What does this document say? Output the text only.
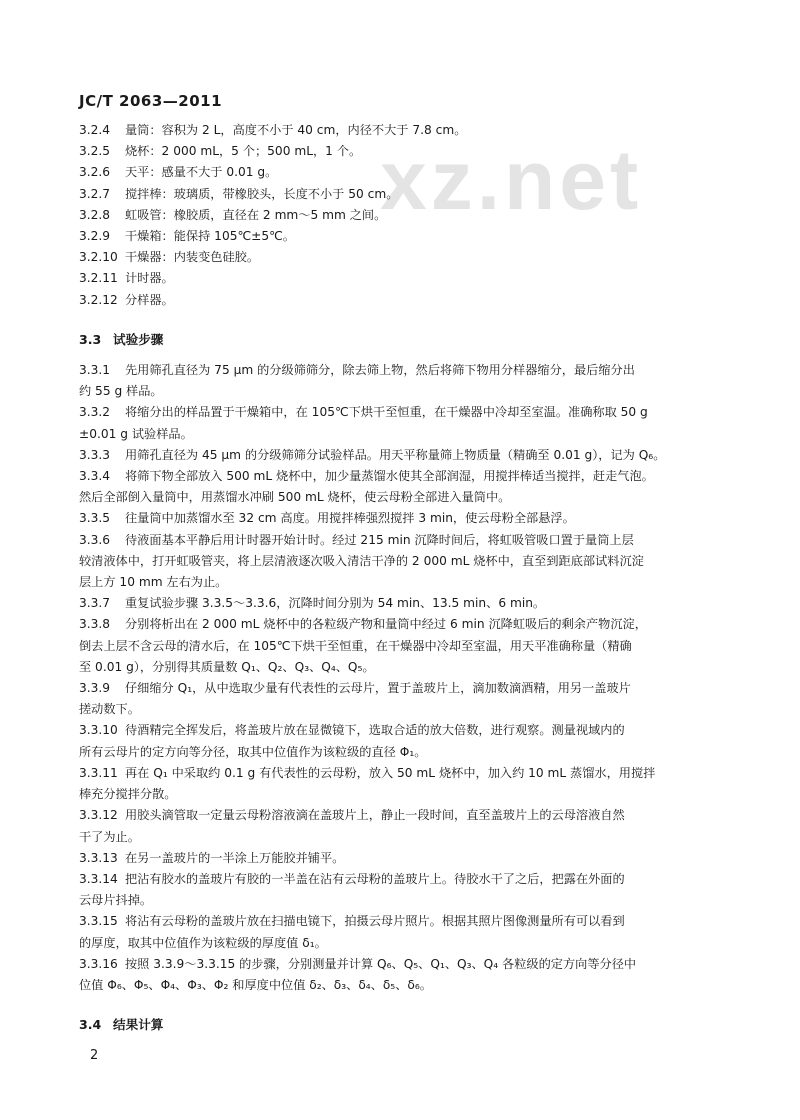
JC/T 2063—2011
xz.net
3.2.4 量筒：容积为 2 L，高度不小于 40 cm，内径不大于 7.8 cm。
3.2.5 烧杯：2 000 mL，5 个；500 mL，1 个。
3.2.6 天平：感量不大于 0.01 g。
3.2.7 搅拌棒：玻璃质，带橡胶头，长度不小于 50 cm。
3.2.8 虹吸管：橡胶质，直径在 2 mm～5 mm 之间。
3.2.9 干燥箱：能保持 105℃±5℃。
3.2.10 干燥器：内装变色硅胶。
3.2.11 计时器。
3.2.12 分样器。
3.3 试验步骤
3.3.1 先用筛孔直径为 75 μm 的分级筛筛分，除去筛上物，然后将筛下物用分样器缩分，最后缩分出
约 55 g 样品。
3.3.2 将缩分出的样品置于干燥箱中，在 105℃下烘干至恒重，在干燥器中冷却至室温。准确称取 50 g
±0.01 g 试验样品。
3.3.3 用筛孔直径为 45 μm 的分级筛筛分试验样品。用天平称量筛上物质量（精确至 0.01 g），记为 Q₆。
3.3.4 将筛下物全部放入 500 mL 烧杯中，加少量蒸馏水使其全部润湿，用搅拌棒适当搅拌，赶走气泡。
然后全部倒入量筒中，用蒸馏水冲刷 500 mL 烧杯，使云母粉全部进入量筒中。
3.3.5 往量筒中加蒸馏水至 32 cm 高度。用搅拌棒强烈搅拌 3 min，使云母粉全部悬浮。
3.3.6 待液面基本平静后用计时器开始计时。经过 215 min 沉降时间后，将虹吸管吸口置于量筒上层
较清液体中，打开虹吸管夹，将上层清液逐次吸入清洁干净的 2 000 mL 烧杯中，直至到距底部试料沉淀
层上方 10 mm 左右为止。
3.3.7 重复试验步骤 3.3.5～3.3.6，沉降时间分别为 54 min、13.5 min、6 min。
3.3.8 分别将析出在 2 000 mL 烧杯中的各粒级产物和量筒中经过 6 min 沉降虹吸后的剩余产物沉淀，
倒去上层不含云母的清水后，在 105℃下烘干至恒重，在干燥器中冷却至室温，用天平准确称量（精确
至 0.01 g），分别得其质量数 Q₁、Q₂、Q₃、Q₄、Q₅。
3.3.9 仔细缩分 Q₁，从中选取少量有代表性的云母片，置于盖玻片上，滴加数滴酒精，用另一盖玻片
搓动数下。
3.3.10 待酒精完全挥发后，将盖玻片放在显微镜下，选取合适的放大倍数，进行观察。测量视域内的
所有云母片的定方向等分径，取其中位值作为该粒级的直径 Φ₁。
3.3.11 再在 Q₁ 中采取约 0.1 g 有代表性的云母粉，放入 50 mL 烧杯中，加入约 10 mL 蒸馏水，用搅拌
棒充分搅拌分散。
3.3.12 用胶头滴管取一定量云母粉溶液滴在盖玻片上，静止一段时间，直至盖玻片上的云母溶液自然
干了为止。
3.3.13 在另一盖玻片的一半涂上万能胶并铺平。
3.3.14 把沾有胶水的盖玻片有胶的一半盖在沾有云母粉的盖玻片上。待胶水干了之后，把露在外面的
云母片抖掉。
3.3.15 将沾有云母粉的盖玻片放在扫描电镜下，拍摄云母片照片。根据其照片图像测量所有可以看到
的厚度，取其中位值作为该粒级的厚度值 δ₁。
3.3.16 按照 3.3.9～3.3.15 的步骤，分别测量并计算 Q₆、Q₅、Q₁、Q₃、Q₄ 各粒级的定方向等分径中
位值 Φ₆、Φ₅、Φ₄、Φ₃、Φ₂ 和厚度中位值 δ₂、δ₃、δ₄、δ₅、δ₆。
3.4 结果计算
2
